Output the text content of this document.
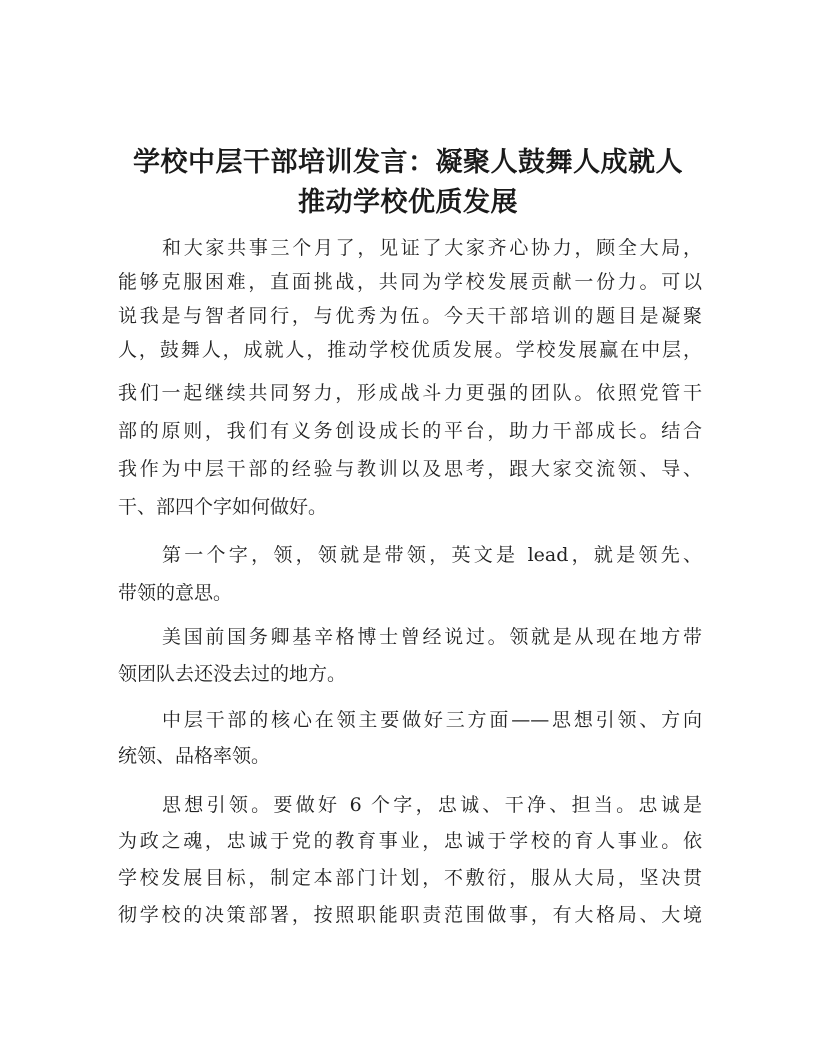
学校中层干部培训发言：凝聚人鼓舞人成就人
推动学校优质发展
和大家共事三个月了，见证了大家齐心协力，顾全大局，
能够克服困难，直面挑战，共同为学校发展贡献一份力。可以
说我是与智者同行，与优秀为伍。今天干部培训的题目是凝聚
人，鼓舞人，成就人，推动学校优质发展。学校发展赢在中层，
我们一起继续共同努力，形成战斗力更强的团队。依照党管干
部的原则，我们有义务创设成长的平台，助力干部成长。结合
我作为中层干部的经验与教训以及思考，跟大家交流领、导、
干、部四个字如何做好。
第一个字，领，领就是带领，英文是 lead，就是领先、
带领的意思。
美国前国务卿基辛格博士曾经说过。领就是从现在地方带
领团队去还没去过的地方。
中层干部的核心在领主要做好三方面——思想引领、方向
统领、品格率领。
思想引领。要做好 6 个字，忠诚、干净、担当。忠诚是
为政之魂，忠诚于党的教育事业，忠诚于学校的育人事业。依
学校发展目标，制定本部门计划，不敷衍，服从大局，坚决贯
彻学校的决策部署，按照职能职责范围做事，有大格局、大境
